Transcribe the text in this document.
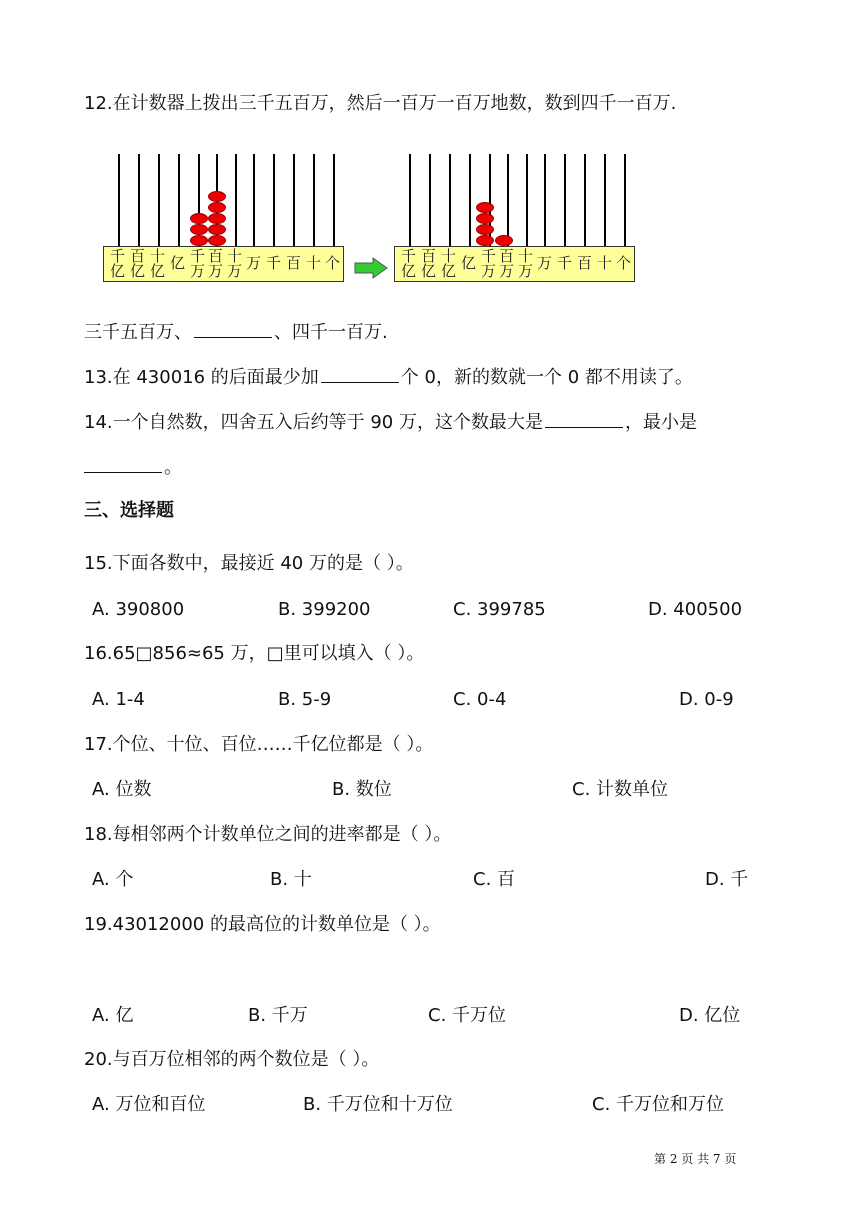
12.在计数器上拨出三千五百万，然后一百万一百万地数，数到四千一百万.
千
亿
百
亿
十
亿 亿 千
万
百
万
十
万 万 千 百 十 个	千
亿
百
亿
十
亿 亿 千
万
百
万
十
万 万 千 百 十 个
三千五百万、	、四千一百万.
13.在 430016 的后面最少加	个 0，新的数就一个 0 都不用读了。
14.一个自然数，四舍五入后约等于 90 万，这个数最大是	，最小是
。
三、选择题
15.下面各数中，最接近 40 万的是（ ）。
A. 390800	B. 399200	C. 399785	D. 400500
16.65□856≈65 万，□里可以填入（ ）。
A. 1-4	B. 5-9	C. 0-4	D. 0-9
17.个位、十位、百位……千亿位都是（ ）。
A. 位数	B. 数位	C. 计数单位
18.每相邻两个计数单位之间的进率都是（ ）。
A. 个	B. 十	C. 百	D. 千
19.43012000 的最高位的计数单位是（ ）。
A. 亿	B. 千万	C. 千万位	D. 亿位
20.与百万位相邻的两个数位是（ ）。
A. 万位和百位	B. 千万位和十万位	C. 千万位和万位
第 2 页 共 7 页
